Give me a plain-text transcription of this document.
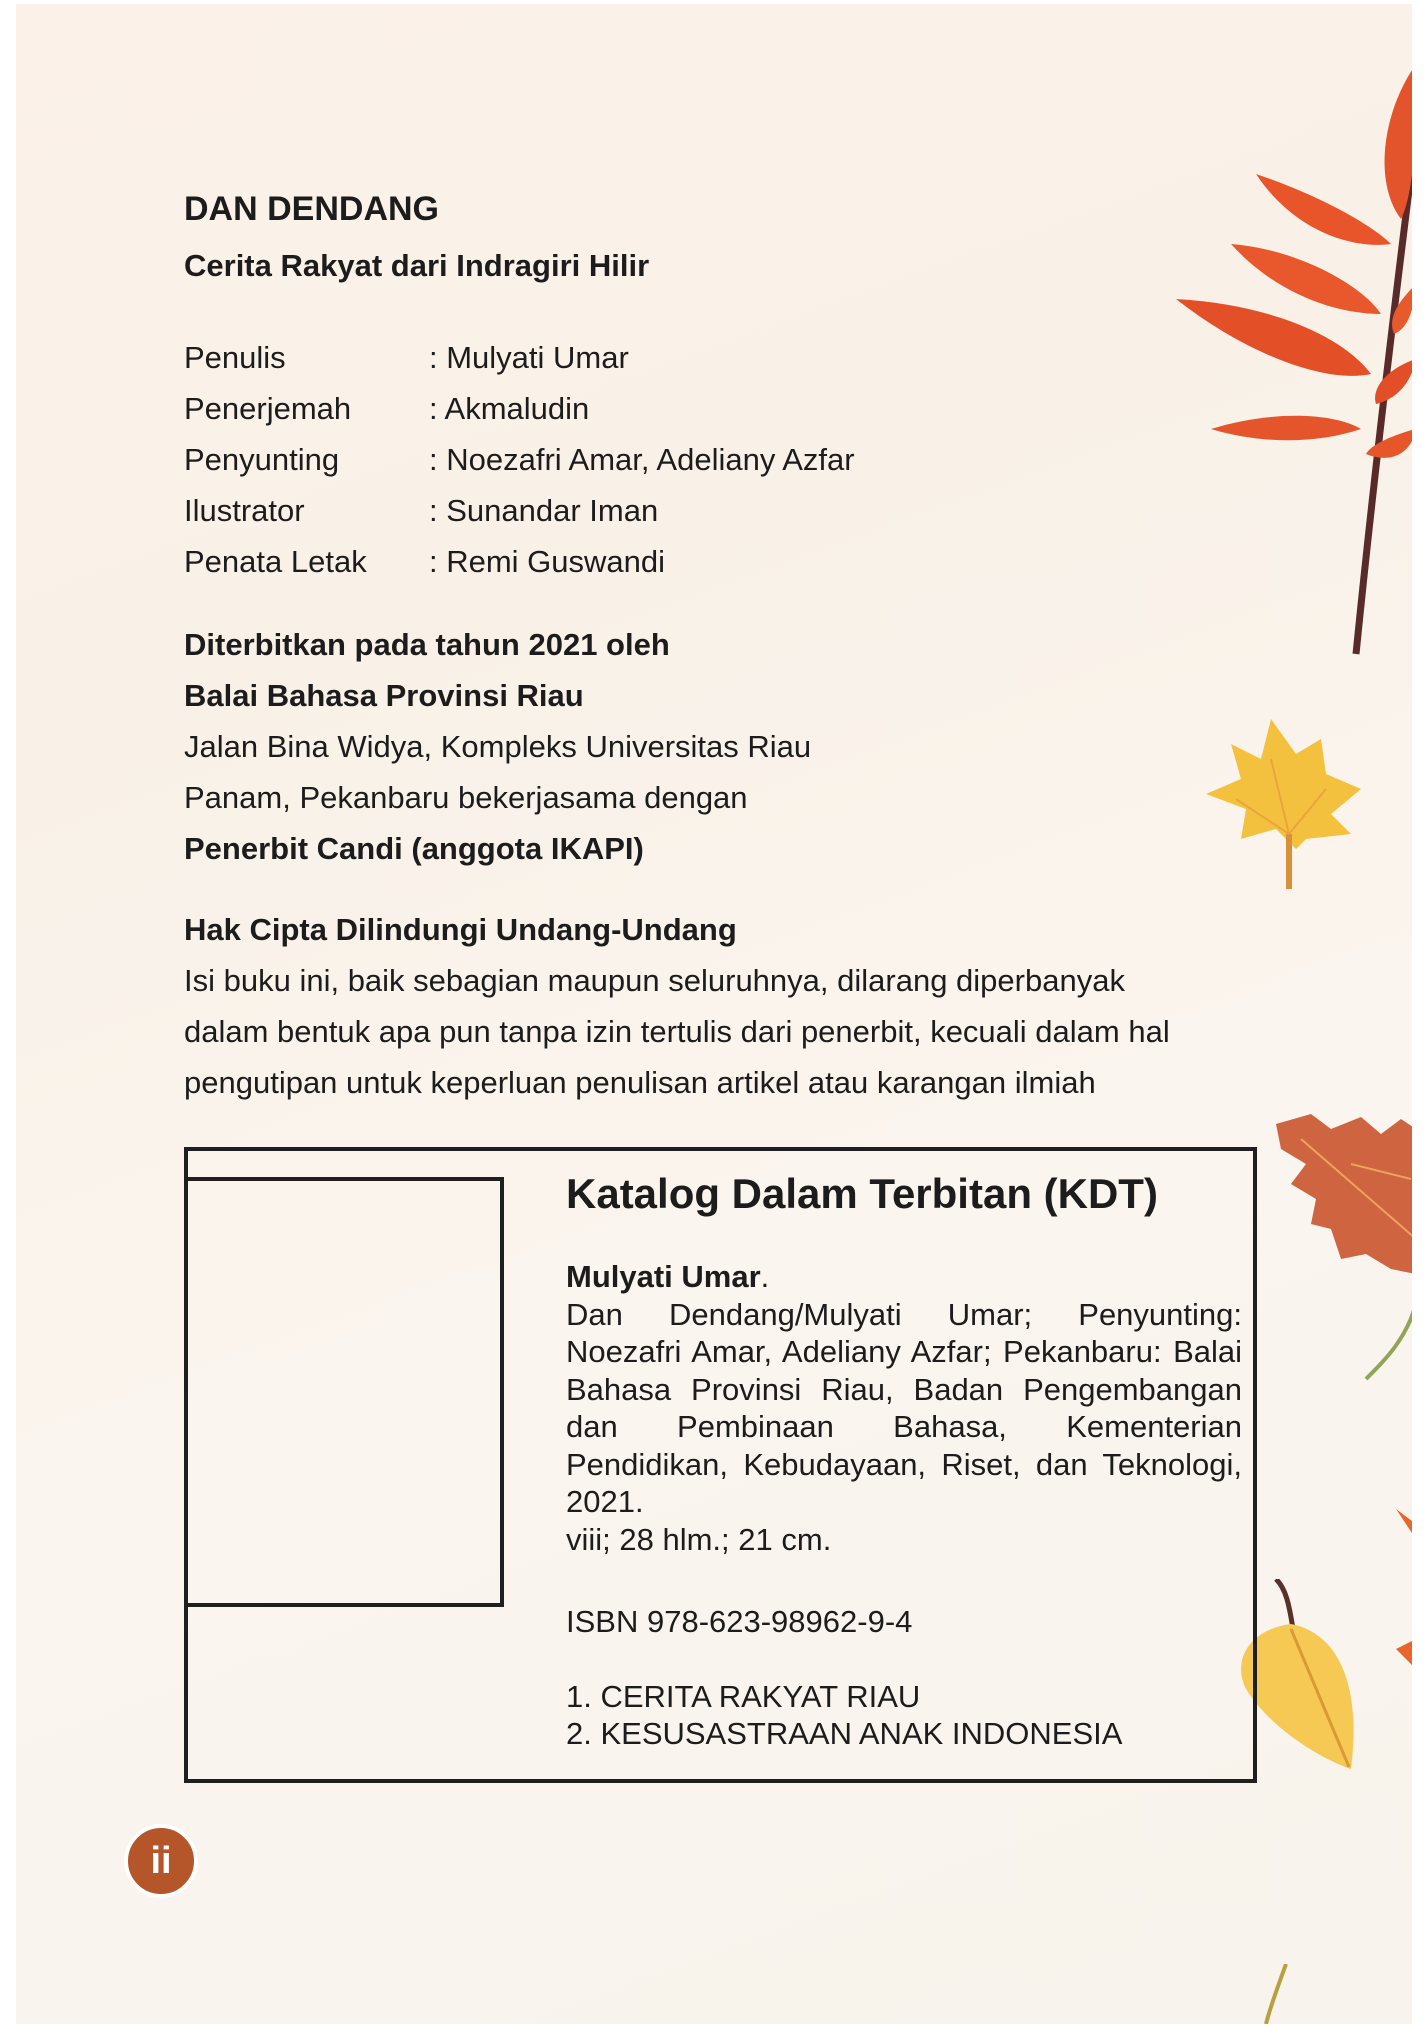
DAN DENDANG
Cerita Rakyat dari Indragiri Hilir
Penulis	: Mulyati Umar
Penerjemah	: Akmaludin
Penyunting	: Noezafri Amar, Adeliany Azfar
Ilustrator	: Sunandar Iman
Penata Letak	: Remi Guswandi
Diterbitkan pada tahun 2021 oleh
Balai Bahasa Provinsi Riau
Jalan Bina Widya, Kompleks Universitas Riau
Panam, Pekanbaru bekerjasama dengan
Penerbit Candi (anggota IKAPI)
Hak Cipta Dilindungi Undang-Undang
Isi buku ini, baik sebagian maupun seluruhnya, dilarang diperbanyak
dalam bentuk apa pun tanpa izin tertulis dari penerbit, kecuali dalam hal
pengutipan untuk keperluan penulisan artikel atau karangan ilmiah
Katalog Dalam Terbitan (KDT)
Mulyati Umar.
Dan Dendang/Mulyati Umar; Penyunting: Noezafri Amar, Adeliany Azfar; Pekanbaru: Balai Bahasa Provinsi Riau, Badan Pengembangan dan Pembinaan Bahasa, Kementerian Pendidikan, Kebudayaan, Riset, dan Teknologi, 2021.
viii; 28 hlm.; 21 cm.
ISBN 978-623-98962-9-4
1. CERITA RAKYAT RIAU
2. KESUSASTRAAN ANAK INDONESIA
ii
